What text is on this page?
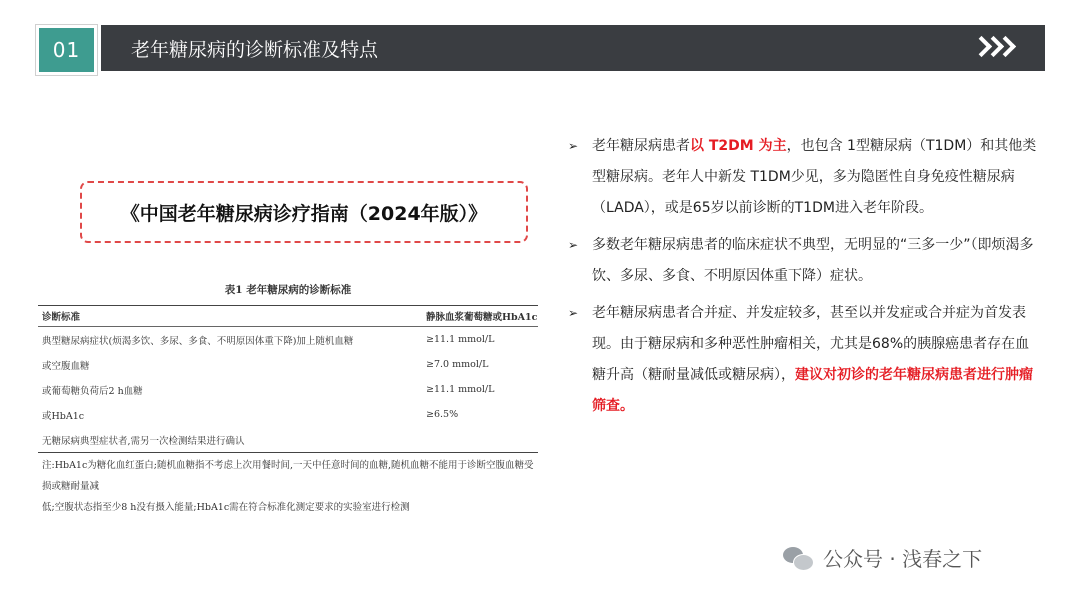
01	老年糖尿病的诊断标准及特点
《中国老年糖尿病诊疗指南（2024年版）》
表1 老年糖尿病的诊断标准
诊断标准	静脉血浆葡萄糖或HbA1c
典型糖尿病症状(烦渴多饮、多尿、多食、不明原因体重下降)加上随机血糖	≥11.1 mmol/L
或空腹血糖	≥7.0 mmol/L
或葡萄糖负荷后2 h血糖	≥11.1 mmol/L
或HbA1c	≥6.5%
无糖尿病典型症状者,需另一次检测结果进行确认
注:HbA1c为糖化血红蛋白;随机血糖指不考虑上次用餐时间,一天中任意时间的血糖,随机血糖不能用于诊断空腹血糖受损或糖耐量减
低;空腹状态指至少8 h没有摄入能量;HbA1c需在符合标准化测定要求的实验室进行检测
➢ 老年糖尿病患者以 T2DM 为主，也包含 1型糖尿病（T1DM）和其他类型糖尿病。老年人中新发 T1DM少见，多为隐匿性自身免疫性糖尿病（LADA），或是65岁以前诊断的T1DM进入老年阶段。
➢ 多数老年糖尿病患者的临床症状不典型，无明显的“三多一少”（即烦渴多饮、多尿、多食、不明原因体重下降）症状。
➢ 老年糖尿病患者合并症、并发症较多，甚至以并发症或合并症为首发表现。由于糖尿病和多种恶性肿瘤相关，尤其是68%的胰腺癌患者存在血糖升高（糖耐量减低或糖尿病），建议对初诊的老年糖尿病患者进行肿瘤筛查。
公众号 · 浅春之下
